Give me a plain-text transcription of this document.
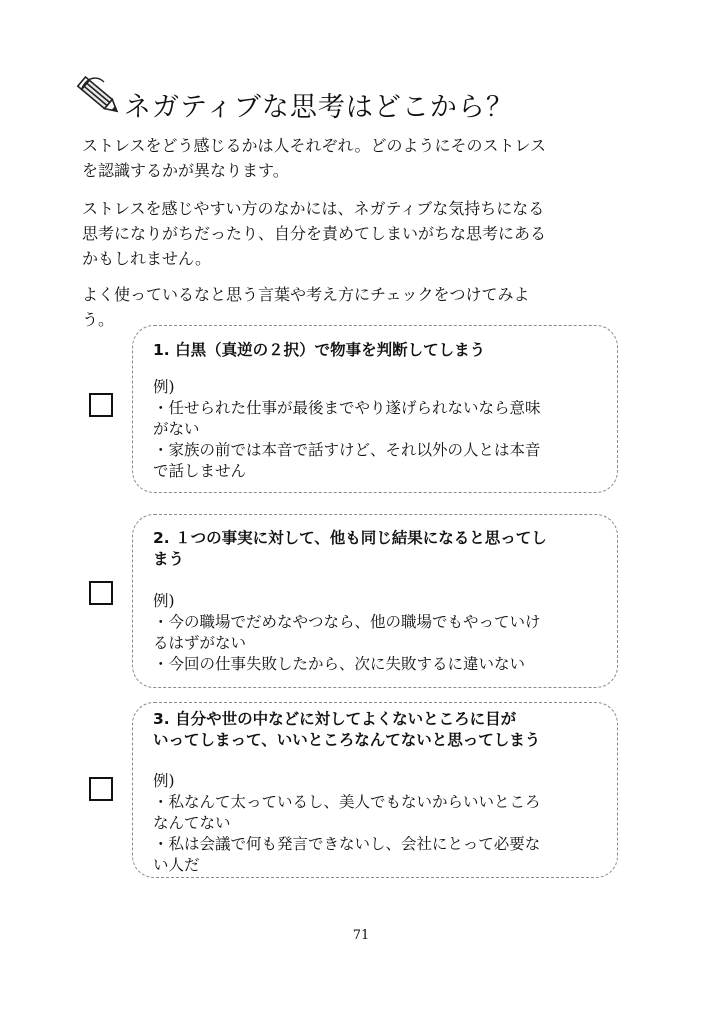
ネガティブな思考はどこから？

ストレスをどう感じるかは人それぞれ。どのようにそのストレス
を認識するかが異なります。

ストレスを感じやすい方のなかには、ネガティブな気持ちになる
思考になりがちだったり、自分を責めてしまいがちな思考にある
かもしれません。

よく使っているなと思う言葉や考え方にチェックをつけてみよ
う。

1. 白黒（真逆の２択）で物事を判断してしまう

例)
・任せられた仕事が最後までやり遂げられないなら意味
がない
・家族の前では本音で話すけど、それ以外の人とは本音
で話しません

2. １つの事実に対して、他も同じ結果になると思ってし
まう

例)
・今の職場でだめなやつなら、他の職場でもやっていけ
るはずがない
・今回の仕事失敗したから、次に失敗するに違いない

3. 自分や世の中などに対してよくないところに目が
いってしまって、いいところなんてないと思ってしまう

例)
・私なんて太っているし、美人でもないからいいところ
なんてない
・私は会議で何も発言できないし、会社にとって必要な
い人だ

71
